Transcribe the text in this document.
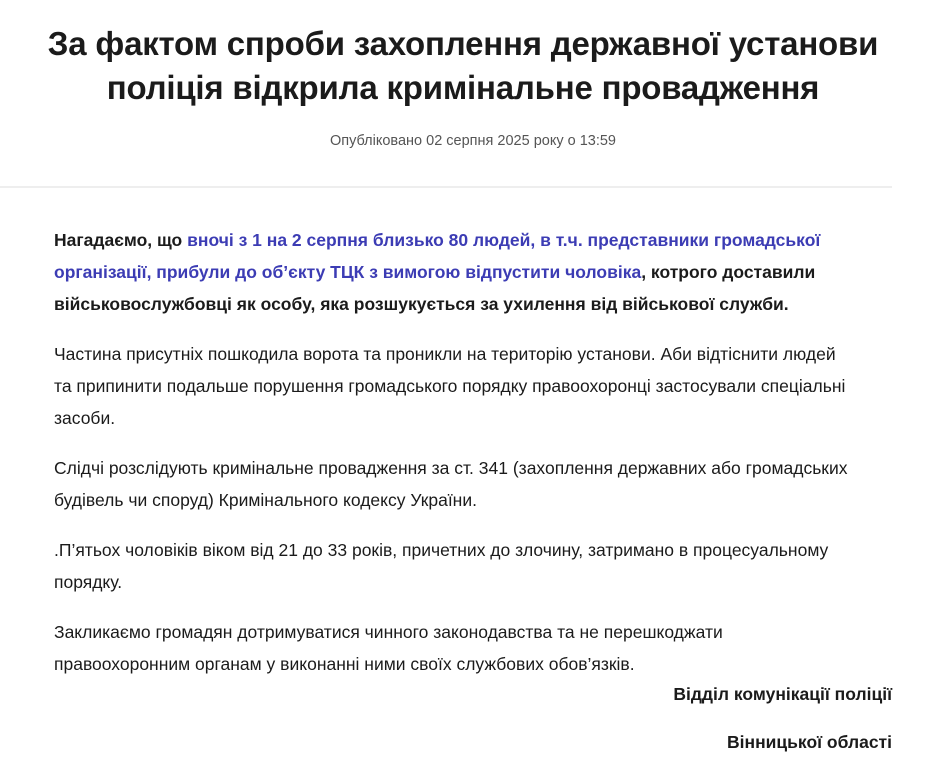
За фактом спроби захоплення державної установи
поліція відкрила кримінальне провадження
Опубліковано 02 серпня 2025 року о 13:59

Нагадаємо, що вночі з 1 на 2 серпня близько 80 людей, в т.ч. представники громадської організації, прибули до об’єкту ТЦК з вимогою відпустити чоловіка, котрого доставили військовослужбовці як особу, яка розшукується за ухилення від військової служби.

Частина присутніх пошкодила ворота та проникли на територію установи. Аби відтіснити людей та припинити подальше порушення громадського порядку правоохоронці застосували спеціальні засоби.

Слідчі розслідують кримінальне провадження за ст. 341 (захоплення державних або громадських будівель чи споруд) Кримінального кодексу України.

.П’ятьох чоловіків віком від 21 до 33 років, причетних до злочину, затримано в процесуальному порядку.

Закликаємо громадян дотримуватися чинного законодавства та не перешкоджати правоохоронним органам у виконанні ними своїх службових обов’язків.

Відділ комунікації поліції
Вінницької області
